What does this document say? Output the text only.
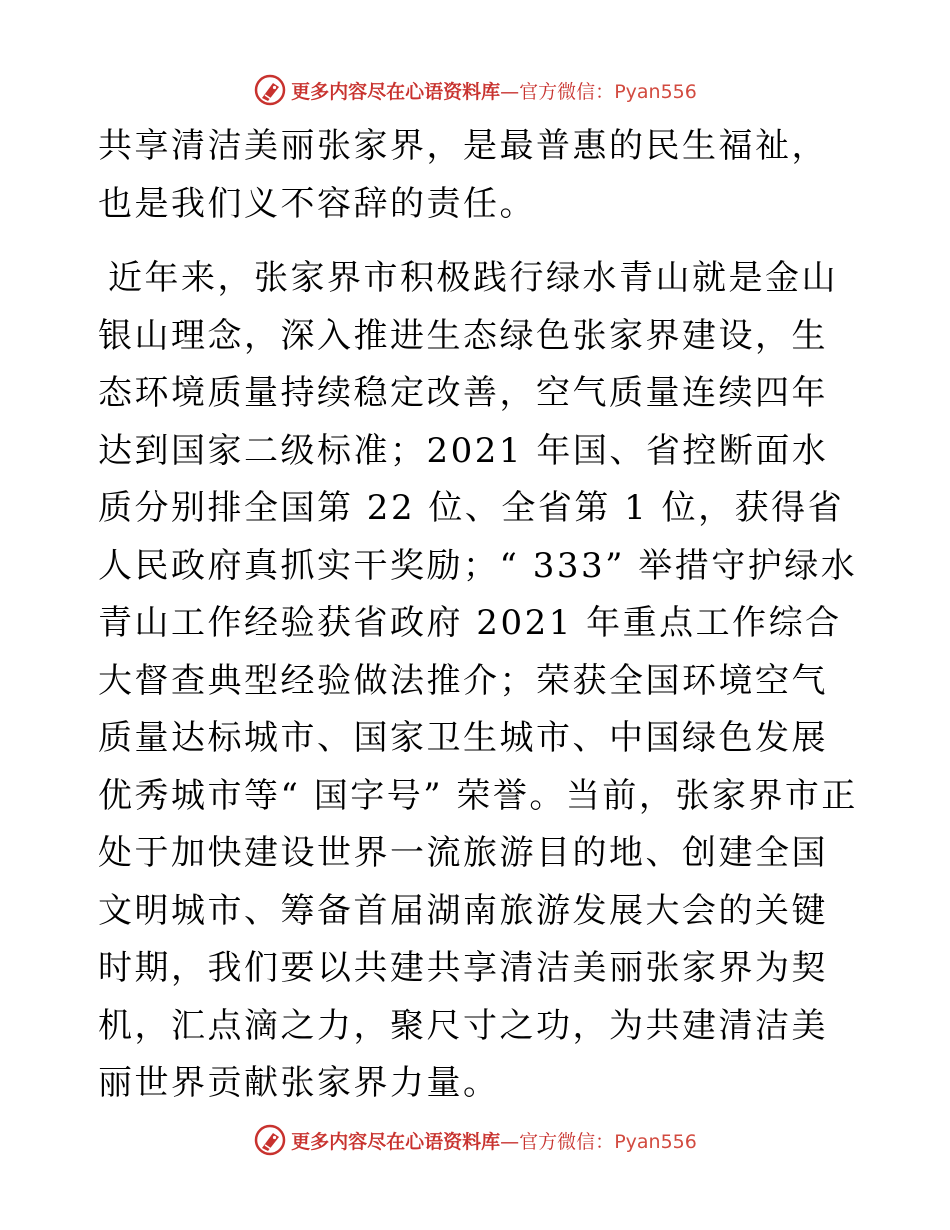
更多内容尽在心语资料库—官方微信：Pyan556

共享清洁美丽张家界，是最普惠的民生福祉，也是我们义不容辞的责任。

近年来，张家界市积极践行绿水青山就是金山银山理念，深入推进生态绿色张家界建设，生态环境质量持续稳定改善，空气质量连续四年达到国家二级标准；2021 年国、省控断面水质分别排全国第 22 位、全省第 1 位，获得省人民政府真抓实干奖励；“ 333” 举措守护绿水青山工作经验获省政府 2021 年重点工作综合大督查典型经验做法推介；荣获全国环境空气质量达标城市、国家卫生城市、中国绿色发展优秀城市等“ 国字号” 荣誉。当前，张家界市正处于加快建设世界一流旅游目的地、创建全国文明城市、筹备首届湖南旅游发展大会的关键时期，我们要以共建共享清洁美丽张家界为契机，汇点滴之力，聚尺寸之功，为共建清洁美丽世界贡献张家界力量。

更多内容尽在心语资料库—官方微信：Pyan556
